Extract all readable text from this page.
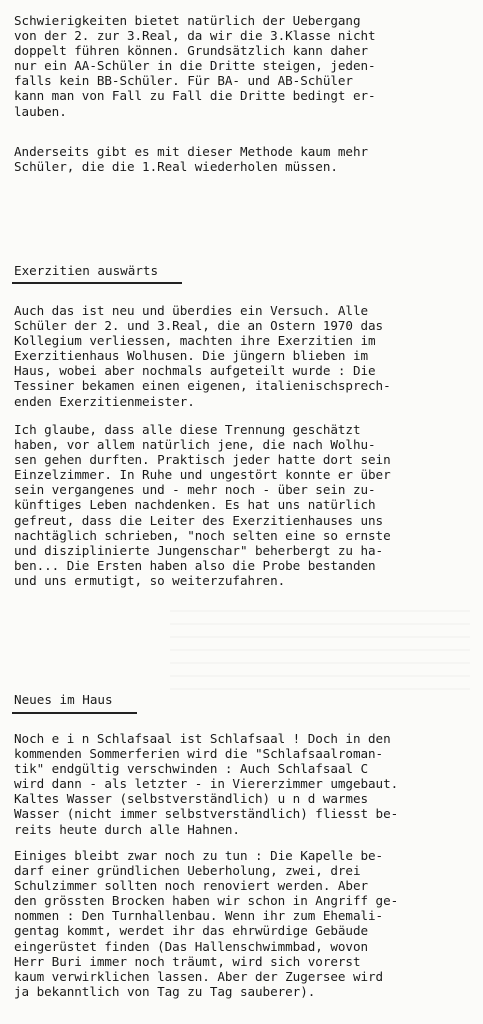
Schwierigkeiten bietet natürlich der Uebergang
von der 2. zur 3.Real, da wir die 3.Klasse nicht
doppelt führen können. Grundsätzlich kann daher
nur ein AA-Schüler in die Dritte steigen, jeden-
falls kein BB-Schüler. Für BA- und AB-Schüler
kann man von Fall zu Fall die Dritte bedingt er-
lauben.
Anderseits gibt es mit dieser Methode kaum mehr
Schüler, die die 1.Real wiederholen müssen.
Exerzitien auswärts
Auch das ist neu und überdies ein Versuch. Alle
Schüler der 2. und 3.Real, die an Ostern 1970 das
Kollegium verliessen, machten ihre Exerzitien im
Exerzitienhaus Wolhusen. Die jüngern blieben im
Haus, wobei aber nochmals aufgeteilt wurde : Die
Tessiner bekamen einen eigenen, italienischsprech-
enden Exerzitienmeister.
Ich glaube, dass alle diese Trennung geschätzt
haben, vor allem natürlich jene, die nach Wolhu-
sen gehen durften. Praktisch jeder hatte dort sein
Einzelzimmer. In Ruhe und ungestört konnte er über
sein vergangenes und - mehr noch - über sein zu-
künftiges Leben nachdenken. Es hat uns natürlich
gefreut, dass die Leiter des Exerzitienhauses uns
nachtäglich schrieben, "noch selten eine so ernste
und disziplinierte Jungenschar" beherbergt zu ha-
ben... Die Ersten haben also die Probe bestanden
und uns ermutigt, so weiterzufahren.
Neues im Haus
Noch e i n Schlafsaal ist Schlafsaal ! Doch in den
kommenden Sommerferien wird die "Schlafsaalroman-
tik" endgültig verschwinden : Auch Schlafsaal C
wird dann - als letzter - in Viererzimmer umgebaut.
Kaltes Wasser (selbstverständlich) u n d warmes
Wasser (nicht immer selbstverständlich) fliesst be-
reits heute durch alle Hahnen.
Einiges bleibt zwar noch zu tun : Die Kapelle be-
darf einer gründlichen Ueberholung, zwei, drei
Schulzimmer sollten noch renoviert werden. Aber
den grössten Brocken haben wir schon in Angriff ge-
nommen : Den Turnhallenbau. Wenn ihr zum Ehemali-
gentag kommt, werdet ihr das ehrwürdige Gebäude
eingerüstet finden (Das Hallenschwimmbad, wovon
Herr Buri immer noch träumt, wird sich vorerst
kaum verwirklichen lassen. Aber der Zugersee wird
ja bekanntlich von Tag zu Tag sauberer).
